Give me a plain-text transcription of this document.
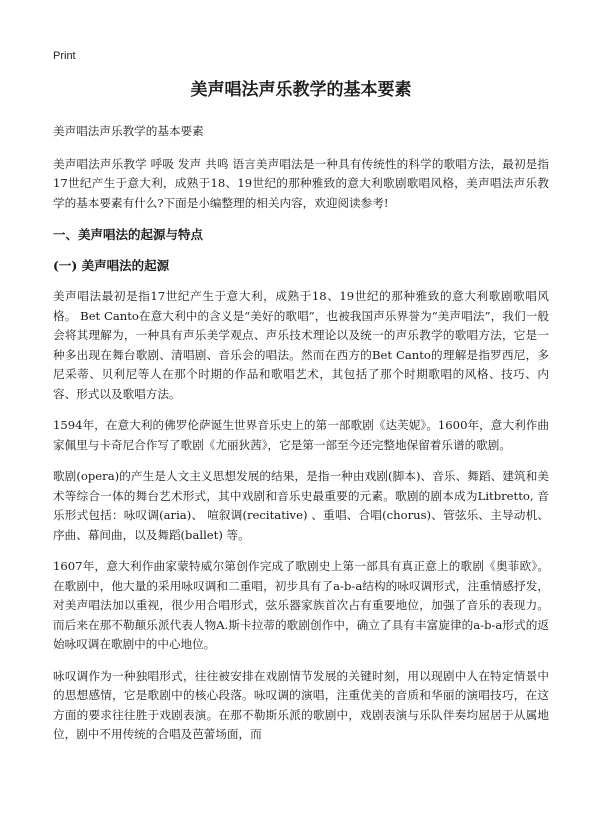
Print
美声唱法声乐教学的基本要素

美声唱法声乐教学的基本要素

美声唱法声乐教学 呼吸 发声 共鸣 语言美声唱法是一种具有传统性的科学的歌唱方法，最初是指17世纪产生于意大利，成熟于18、19世纪的那种雅致的意大利歌剧歌唱风格，美声唱法声乐教学的基本要素有什么?下面是小编整理的相关内容，欢迎阅读参考!

一、美声唱法的起源与特点
(一) 美声唱法的起源

美声唱法最初是指17世纪产生于意大利，成熟于18、19世纪的那种雅致的意大利歌剧歌唱风格。 Bet Canto在意大利中的含义是“美好的歌唱”，也被我国声乐界誉为“美声唱法”，我们一般会将其理解为，一种具有声乐美学观点、声乐技术理论以及统一的声乐教学的歌唱方法，它是一种多出现在舞台歌剧、清唱剧、音乐会的唱法。然而在西方的Bet Canto的理解是指罗西尼，多尼采蒂、贝利尼等人在那个时期的作品和歌唱艺术，其包括了那个时期歌唱的风格、技巧、内容、形式以及歌唱方法。

1594年，在意大利的佛罗伦萨诞生世界音乐史上的第一部歌剧《达芙妮》。1600年，意大利作曲家佩里与卡奇尼合作写了歌剧《尤丽狄茜》，它是第一部至今还完整地保留着乐谱的歌剧。

歌剧(opera)的产生是人文主义思想发展的结果，是指一种由戏剧(脚本)、音乐、舞蹈、建筑和美术等综合一体的舞台艺术形式，其中戏剧和音乐史最重要的元素。歌剧的剧本成为Litbretto, 音乐形式包括：咏叹调(aria)、 喧叙调(recitative) 、重唱、合唱(chorus)、管弦乐、主导动机、序曲、幕间曲，以及舞蹈(ballet) 等。

1607年，意大利作曲家蒙特威尔第创作完成了歌剧史上第一部具有真正意上的歌剧《奥菲欧》。在歌剧中，他大量的采用咏叹调和二重唱，初步具有了a-b-a结构的咏叹调形式，注重情感抒发，对美声唱法加以重视，很少用合唱形式，弦乐器家族首次占有重要地位，加强了音乐的表现力。而后来在那不勒颠乐派代表人物A.斯卡拉蒂的歌剧创作中，确立了具有丰富旋律的a-b-a形式的返始咏叹调在歌剧中的中心地位。

咏叹调作为一种独唱形式，往往被安排在戏剧情节发展的关键时刻，用以现剧中人在特定情景中的思想感情，它是歌剧中的核心段落。咏叹调的演唱，注重优美的音质和华丽的演唱技巧，在这方面的要求往往胜于戏剧表演。在那不勒斯乐派的歌剧中，戏剧表演与乐队伴奏均屈居于从属地位，剧中不用传统的合唱及芭蕾场面，而
